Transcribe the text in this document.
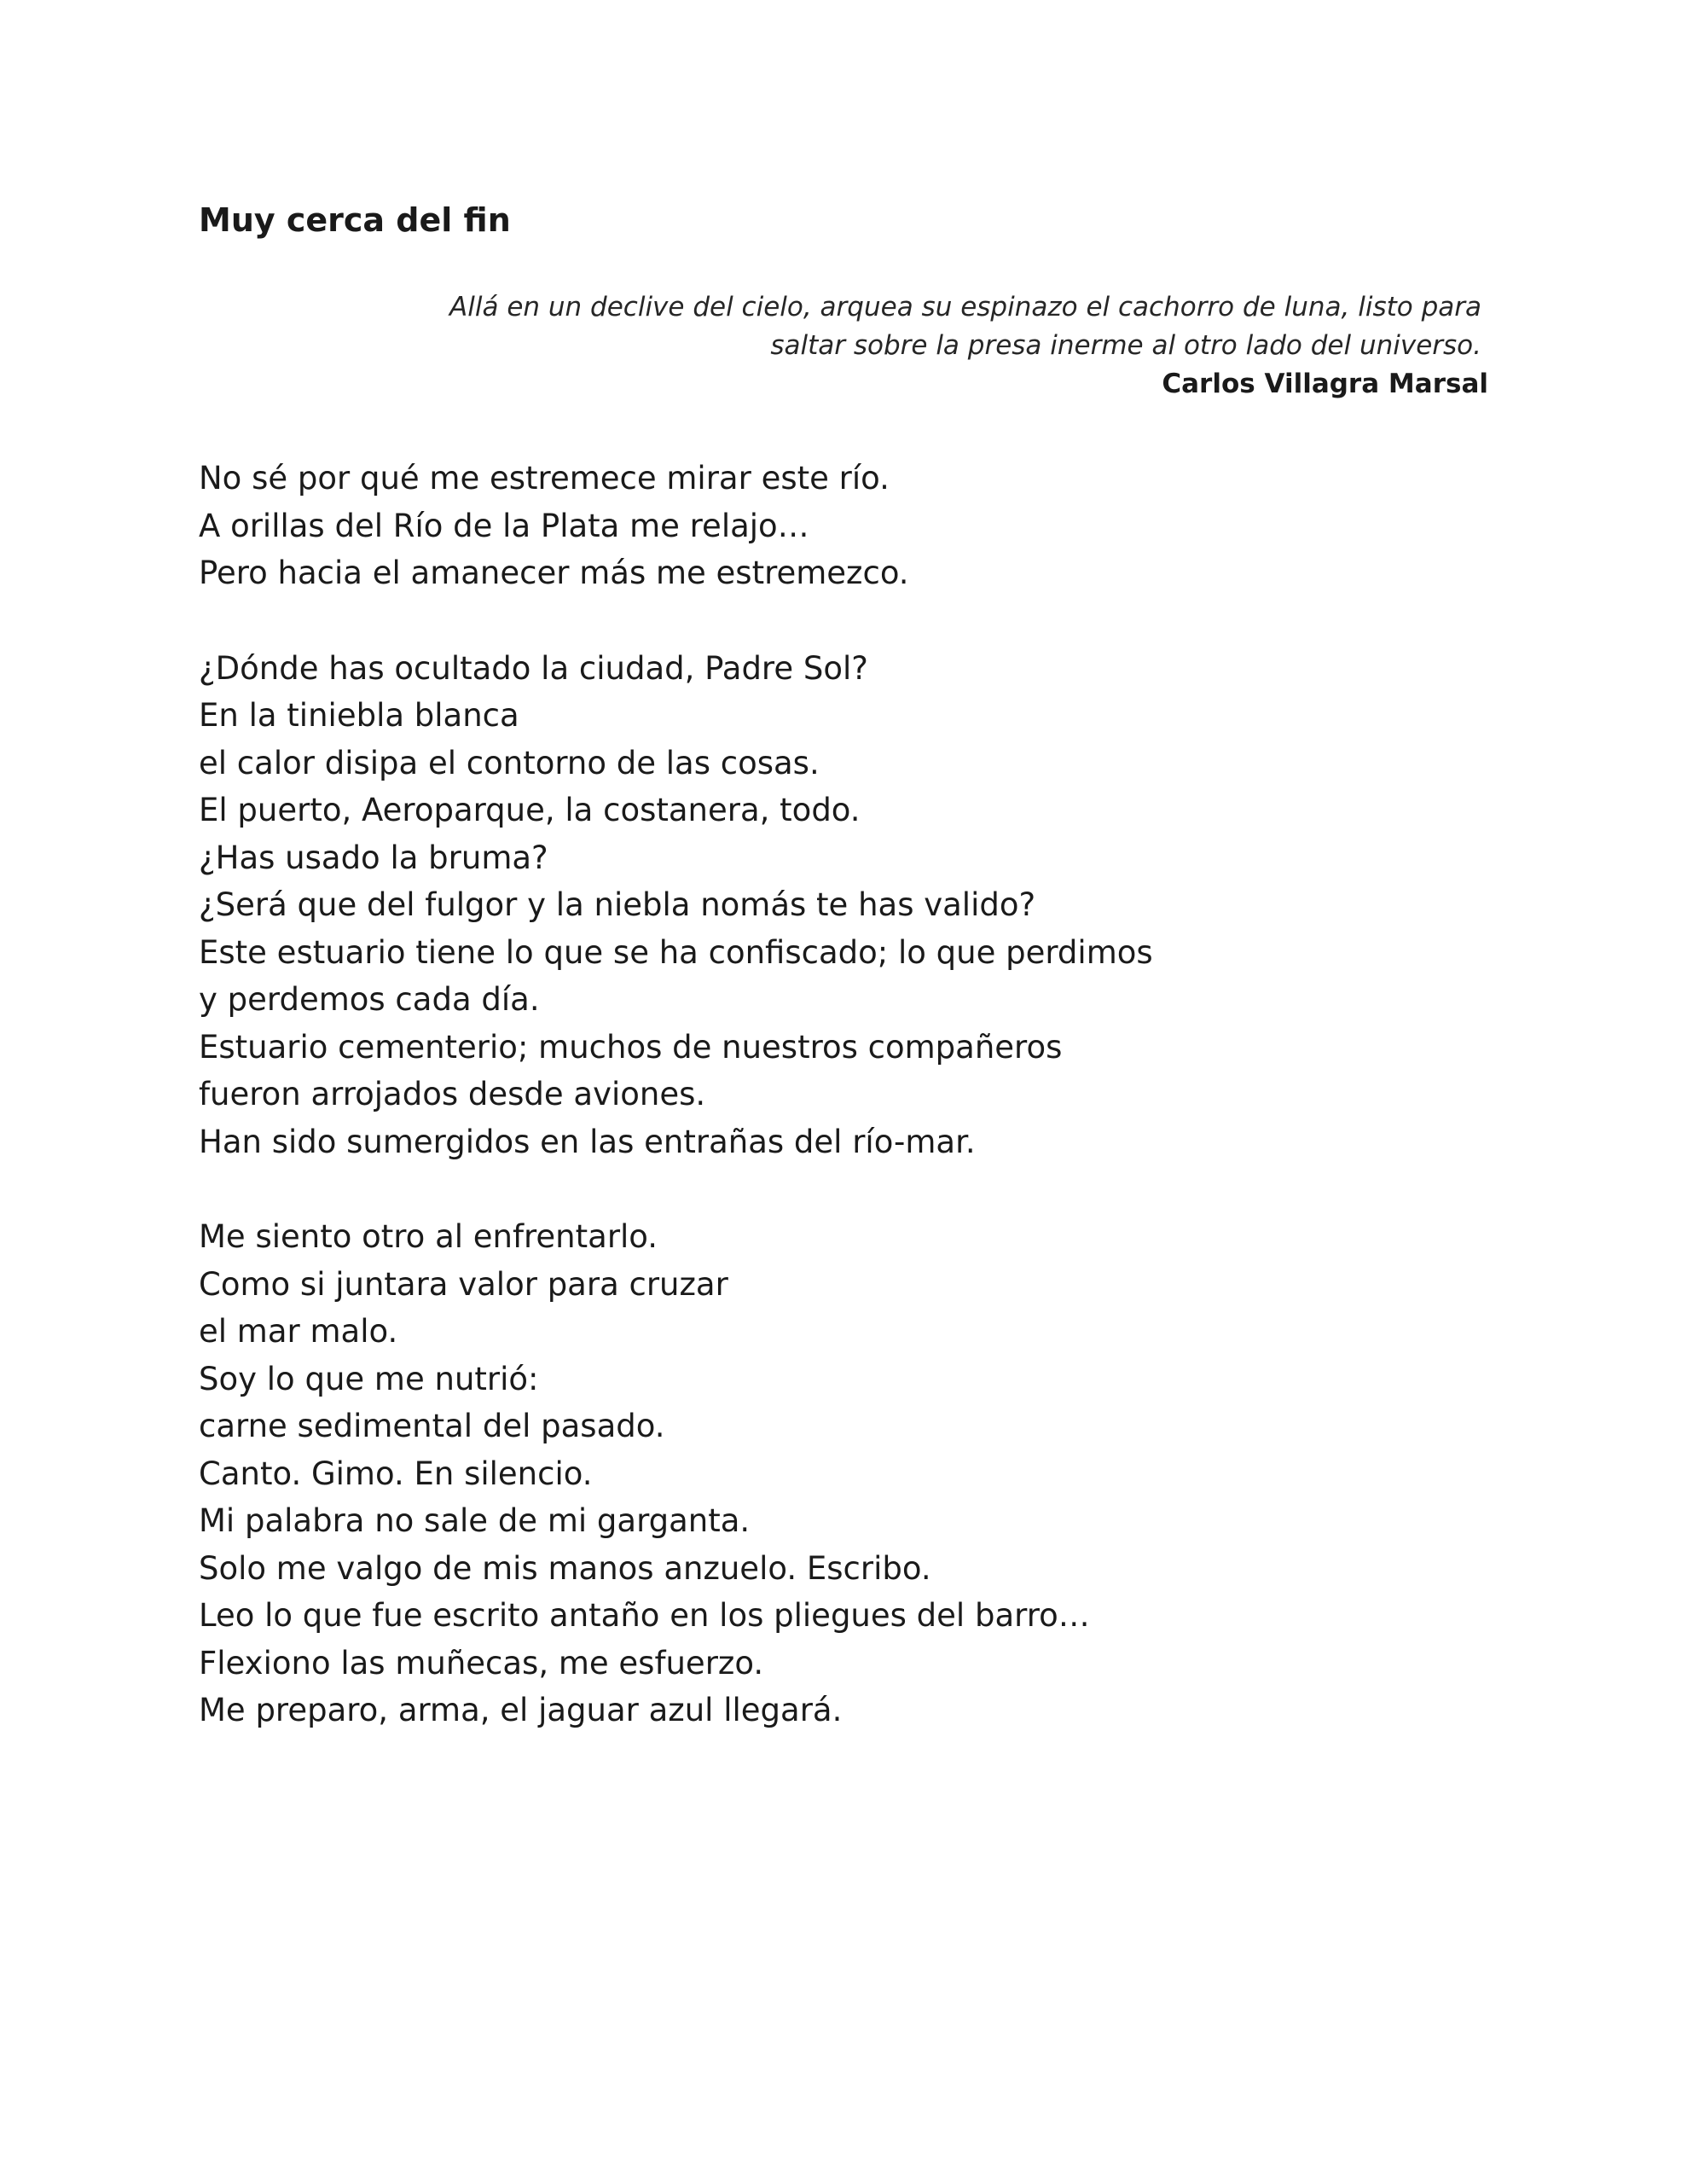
Muy cerca del fin
Allá en un declive del cielo, arquea su espinazo el cachorro de luna, listo para
saltar sobre la presa inerme al otro lado del universo.
Carlos Villagra Marsal
No sé por qué me estremece mirar este río.
A orillas del Río de la Plata me relajo…
Pero hacia el amanecer más me estremezco.
¿Dónde has ocultado la ciudad, Padre Sol?
En la tiniebla blanca
el calor disipa el contorno de las cosas.
El puerto, Aeroparque, la costanera, todo.
¿Has usado la bruma?
¿Será que del fulgor y la niebla nomás te has valido?
Este estuario tiene lo que se ha confiscado; lo que perdimos
y perdemos cada día.
Estuario cementerio; muchos de nuestros compañeros
fueron arrojados desde aviones.
Han sido sumergidos en las entrañas del río-mar.
Me siento otro al enfrentarlo.
Como si juntara valor para cruzar
el mar malo.
Soy lo que me nutrió:
carne sedimental del pasado.
Canto. Gimo. En silencio.
Mi palabra no sale de mi garganta.
Solo me valgo de mis manos anzuelo. Escribo.
Leo lo que fue escrito antaño en los pliegues del barro…
Flexiono las muñecas, me esfuerzo.
Me preparo, arma, el jaguar azul llegará.
